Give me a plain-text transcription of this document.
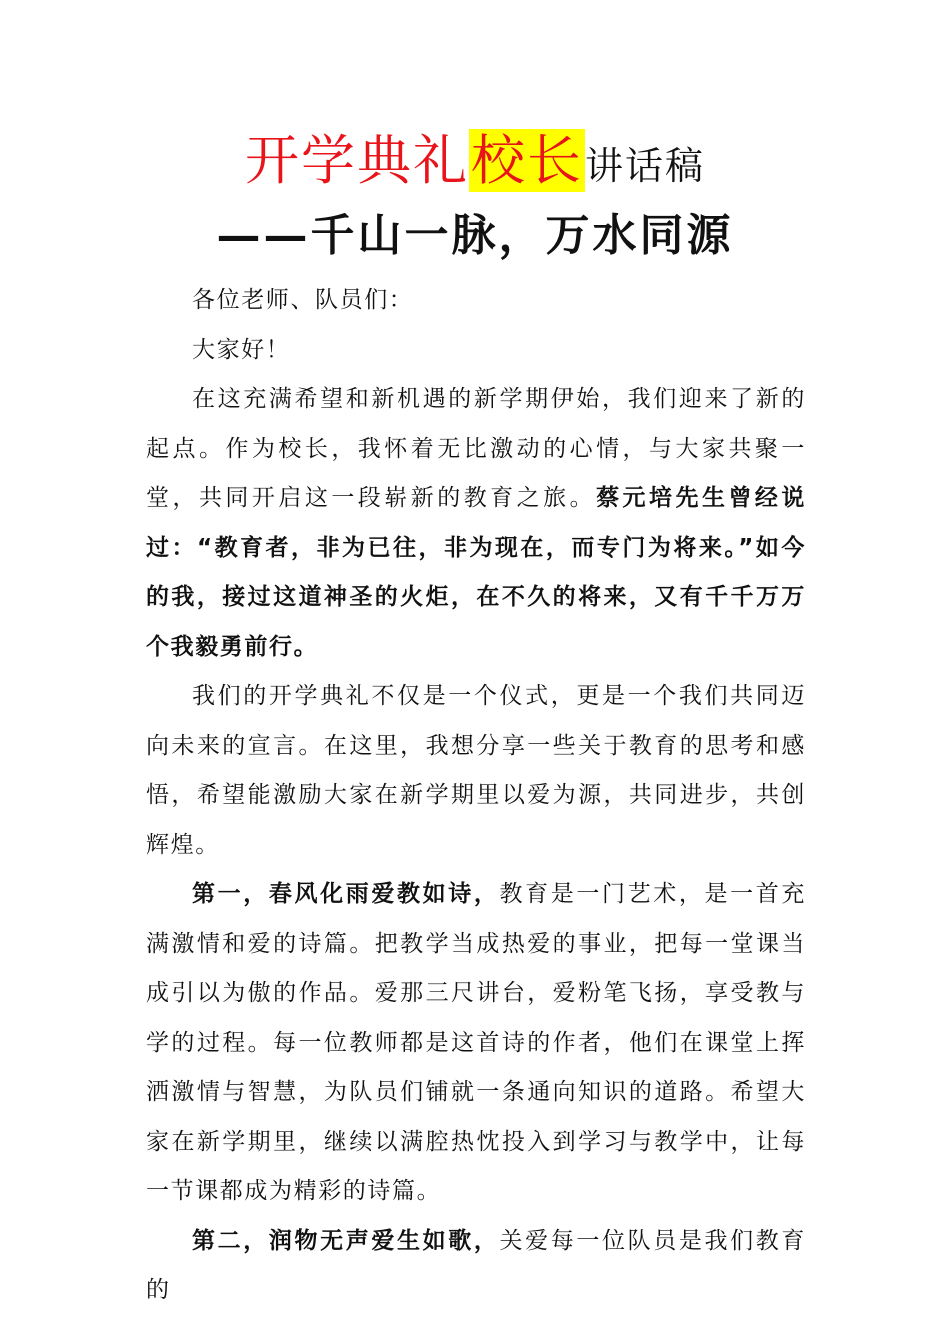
开学典礼校长讲话稿
——千山一脉，万水同源

各位老师、队员们：

大家好！

在这充满希望和新机遇的新学期伊始，我们迎来了新的起点。作为校长，我怀着无比激动的心情，与大家共聚一堂，共同开启这一段崭新的教育之旅。蔡元培先生曾经说过：“教育者，非为已往，非为现在，而专门为将来。”如今的我，接过这道神圣的火炬，在不久的将来，又有千千万万个我毅勇前行。

我们的开学典礼不仅是一个仪式，更是一个我们共同迈向未来的宣言。在这里，我想分享一些关于教育的思考和感悟，希望能激励大家在新学期里以爱为源，共同进步，共创辉煌。

第一，春风化雨爱教如诗，教育是一门艺术，是一首充满激情和爱的诗篇。把教学当成热爱的事业，把每一堂课当成引以为傲的作品。爱那三尺讲台，爱粉笔飞扬，享受教与学的过程。每一位教师都是这首诗的作者，他们在课堂上挥洒激情与智慧，为队员们铺就一条通向知识的道路。希望大家在新学期里，继续以满腔热忱投入到学习与教学中，让每一节课都成为精彩的诗篇。

第二，润物无声爱生如歌，关爱每一位队员是我们教育的
